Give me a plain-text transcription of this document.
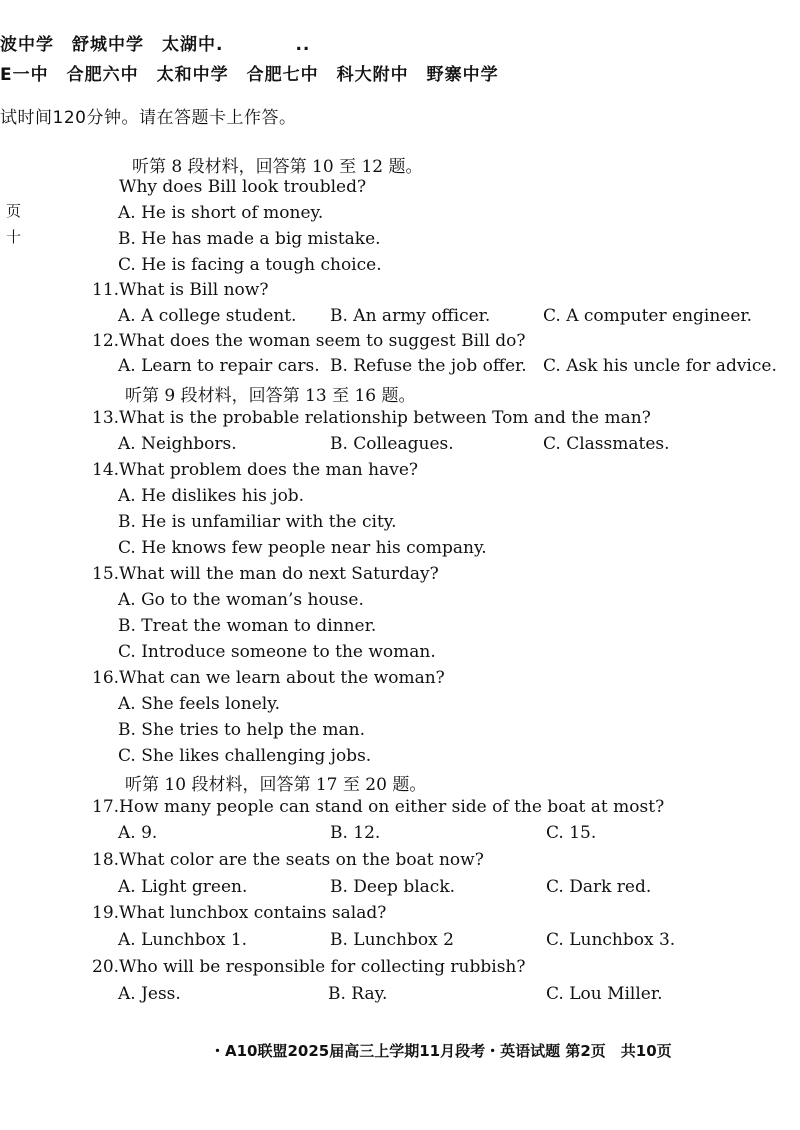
波中学　舒城中学　太湖中.　　　　..
E一中　合肥六中　太和中学　合肥七中　科大附中　野寨中学
试时间120分钟。请在答题卡上作答。
页
十
听第 8 段材料，回答第 10 至 12 题。
Why does Bill look troubled?
A. He is short of money.
B. He has made a big mistake.
C. He is facing a tough choice.
11.What is Bill now?
A. A college student. B. An army officer.	C. A computer engineer.
12.What does the woman seem to suggest Bill do?
A. Learn to repair cars. B. Refuse the job offer. C. Ask his uncle for advice.
听第 9 段材料，回答第 13 至 16 题。
13.What is the probable relationship between Tom and the man?
A. Neighbors.	B. Colleagues.	C. Classmates.
14.What problem does the man have?
A. He dislikes his job.
B. He is unfamiliar with the city.
C. He knows few people near his company.
15.What will the man do next Saturday?
A. Go to the woman’s house.
B. Treat the woman to dinner.
C. Introduce someone to the woman.
16.What can we learn about the woman?
A. She feels lonely.
B. She tries to help the man.
C. She likes challenging jobs.
听第 10 段材料，回答第 17 至 20 题。
17.How many people can stand on either side of the boat at most?
A. 9.	B. 12.	C. 15.
18.What color are the seats on the boat now?
A. Light green.	B. Deep black.	C. Dark red.
19.What lunchbox contains salad?
A. Lunchbox 1.	B. Lunchbox 2	C. Lunchbox 3.
20.Who will be responsible for collecting rubbish?
A. Jess.	B. Ray.	C. Lou Miller.
・A10联盟2025届高三上学期11月段考・英语试题 第2页　共10页
